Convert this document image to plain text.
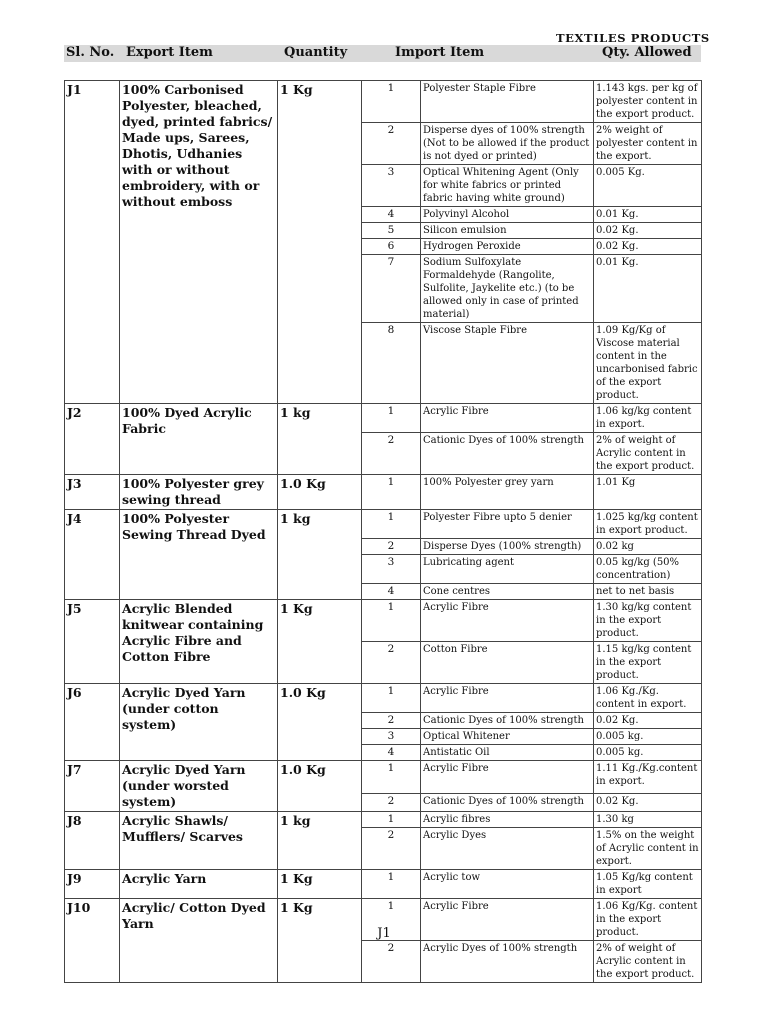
TEXTILES PRODUCTS
Sl. No. Export Item	Quantity	Import Item	Qty. Allowed
J1	100% Carbonised Polyester, bleached, dyed, printed fabrics/ Made ups, Sarees, Dhotis, Udhanies with or without embroidery, with or without emboss	1 Kg	1	Polyester Staple Fibre	1.143 kgs. per kg of polyester content in the export product.
			2	Disperse dyes of 100% strength (Not to be allowed if the product is not dyed or printed)	2% weight of polyester content in the export.
			3	Optical Whitening Agent (Only for white fabrics or printed fabric having white ground)	0.005 Kg.
			4	Polyvinyl Alcohol	0.01 Kg.
			5	Silicon emulsion	0.02 Kg.
			6	Hydrogen Peroxide	0.02 Kg.
			7	Sodium Sulfoxylate Formaldehyde (Rangolite, Sulfolite, Jaykelite etc.) (to be allowed only in case of printed material)	0.01 Kg.
			8	Viscose Staple Fibre	1.09 Kg/Kg of Viscose material content in the uncarbonised fabric of the export product.
J2	100% Dyed Acrylic Fabric	1 kg	1	Acrylic Fibre	1.06 kg/kg content in export.
			2	Cationic Dyes of 100% strength	2% of weight of Acrylic content in the export product.
J3	100% Polyester grey sewing thread	1.0 Kg	1	100% Polyester grey yarn	1.01 Kg
J4	100% Polyester Sewing Thread Dyed	1 kg	1	Polyester Fibre upto 5 denier	1.025 kg/kg content in export product.
			2	Disperse Dyes (100% strength)	0.02 kg
			3	Lubricating agent	0.05 kg/kg (50% concentration)
			4	Cone centres	net to net basis
J5	Acrylic Blended knitwear containing Acrylic Fibre and Cotton Fibre	1 Kg	1	Acrylic Fibre	1.30 kg/kg content in the export product.
			2	Cotton Fibre	1.15 kg/kg content in the export product.
J6	Acrylic Dyed Yarn (under cotton system)	1.0 Kg	1	Acrylic Fibre	1.06 Kg./Kg. content in export.
			2	Cationic Dyes of 100% strength	0.02 Kg.
			3	Optical Whitener	0.005 kg.
			4	Antistatic Oil	0.005 kg.
J7	Acrylic Dyed Yarn (under worsted system)	1.0 Kg	1	Acrylic Fibre	1.11 Kg./Kg.content in export.
			2	Cationic Dyes of 100% strength	0.02 Kg.
J8	Acrylic Shawls/ Mufflers/ Scarves	1 kg	1	Acrylic fibres	1.30 kg
			2	Acrylic Dyes	1.5% on the weight of Acrylic content in export.
J9	Acrylic Yarn	1 Kg	1	Acrylic tow	1.05 Kg/kg content in export
J10	Acrylic/ Cotton Dyed Yarn	1 Kg	1	Acrylic Fibre	1.06 Kg/Kg. content in the export product.
			2	Acrylic Dyes of 100% strength	2% of weight of Acrylic content in the export product.
J1
